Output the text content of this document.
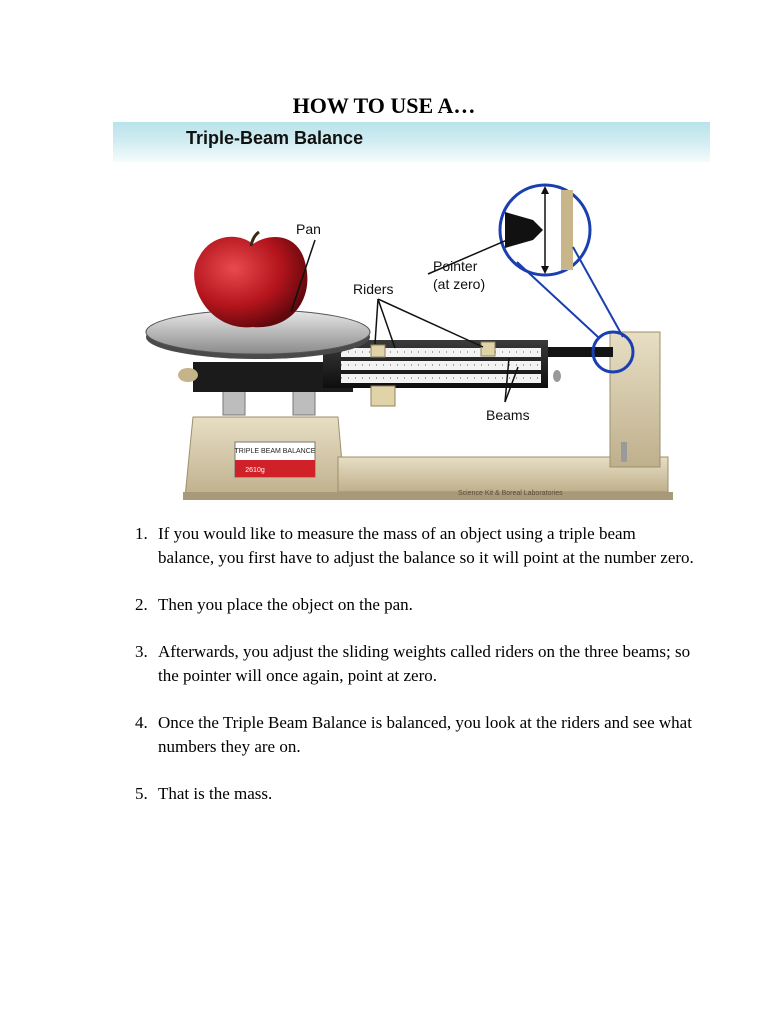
HOW TO USE A…
Triple-Beam Balance
TRIPLE BEAM BALANCE
2610g
Science Kit & Boreal Laboratories
Pan
Riders
Pointer
(at zero)
Beams
1. If you would like to measure the mass of an object using a triple beam balance, you first have to adjust the balance so it will point at the number zero.
2. Then you place the object on the pan.
3. Afterwards, you adjust the sliding weights called riders on the three beams; so the pointer will once again, point at zero.
4. Once the Triple Beam Balance is balanced, you look at the riders and see what numbers they are on.
5. That is the mass.
